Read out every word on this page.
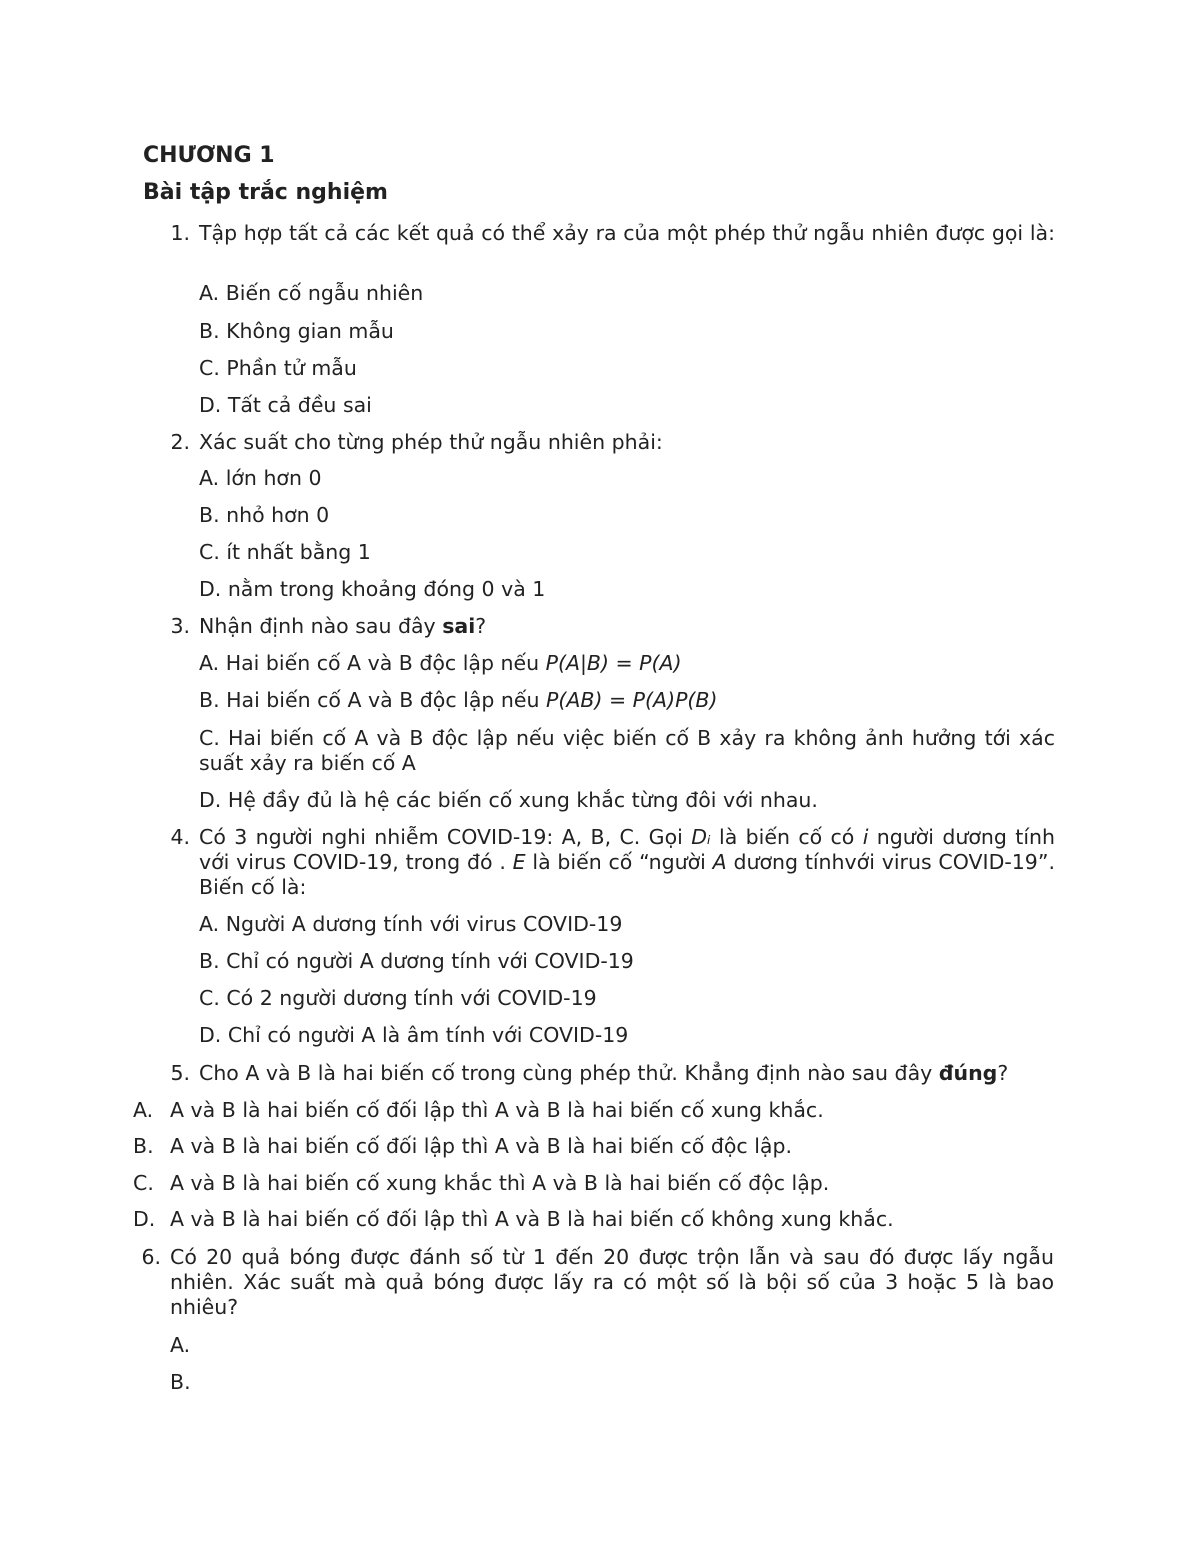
CHƯƠNG 1
Bài tập trắc nghiệm
1. Tập hợp tất cả các kết quả có thể xảy ra của một phép thử ngẫu nhiên được gọi là:
A. Biến cố ngẫu nhiên
B. Không gian mẫu
C. Phần tử mẫu
D. Tất cả đều sai
2. Xác suất cho từng phép thử ngẫu nhiên phải:
A. lớn hơn 0
B. nhỏ hơn 0
C. ít nhất bằng 1
D. nằm trong khoảng đóng 0 và 1
3. Nhận định nào sau đây sai?
A. Hai biến cố A và B độc lập nếu P(A|B) = P(A)
B. Hai biến cố A và B độc lập nếu P(AB) = P(A)P(B)
C. Hai biến cố A và B độc lập nếu việc biến cố B xảy ra không ảnh hưởng tới xác suất xảy ra biến cố A
D. Hệ đầy đủ là hệ các biến cố xung khắc từng đôi với nhau.
4. Có 3 người nghi nhiễm COVID-19: A, B, C. Gọi Dᵢ là biến cố có i người dương tính với virus COVID-19, trong đó . E là biến cố “người A dương tínhvới virus COVID-19”. Biến cố là:
A. Người A dương tính với virus COVID-19
B. Chỉ có người A dương tính với COVID-19
C. Có 2 người dương tính với COVID-19
D. Chỉ có người A là âm tính với COVID-19
5. Cho A và B là hai biến cố trong cùng phép thử. Khẳng định nào sau đây đúng?
A. A và B là hai biến cố đối lập thì A và B là hai biến cố xung khắc.
B. A và B là hai biến cố đối lập thì A và B là hai biến cố độc lập.
C. A và B là hai biến cố xung khắc thì A và B là hai biến cố độc lập.
D. A và B là hai biến cố đối lập thì A và B là hai biến cố không xung khắc.
6. Có 20 quả bóng được đánh số từ 1 đến 20 được trộn lẫn và sau đó được lấy ngẫu nhiên. Xác suất mà quả bóng được lấy ra có một số là bội số của 3 hoặc 5 là bao nhiêu?
A.
B.
